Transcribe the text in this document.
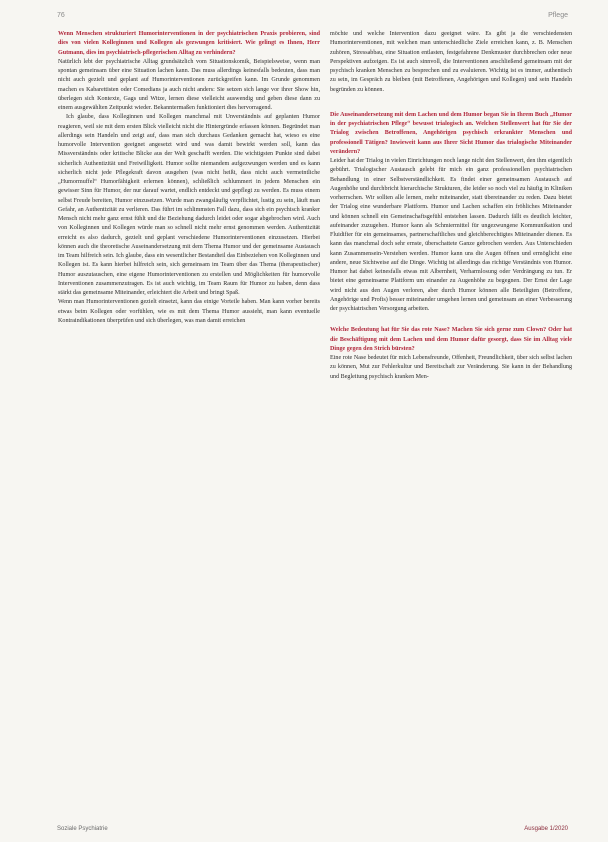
76	Pflege

Wenn Menschen strukturiert Humorinterventionen in der psychiatrischen Praxis probieren, sind dies von vielen Kolleginnen und Kollegen als gezwungen kritisiert. Wie gelingt es Ihnen, Herr Gutmann, dies im psychiatrisch-pflegerischen Alltag zu verhindern?

Natürlich lebt der psychiatrische Alltag grundsätzlich vom Situationskomik, Beispielsweise, wenn man spontan gemeinsam über eine Situation lachen kann. Das muss allerdings keinesfalls bedeuten, dass man nicht auch gezielt und geplant auf Humorinterventionen zurückgreifen kann. Im Grunde genommen machen es Kabarettisten oder Comedians ja auch nicht anders: Sie setzen sich lange vor ihrer Show hin, überlegen sich Kontexte, Gags und Witze, lernen diese vielleicht auswendig und geben diese dann zu einem ausgewählten Zeitpunkt wieder. Bekanntermaßen funktioniert dies hervorragend.

Ich glaube, dass Kolleginnen und Kollegen manchmal mit Unverständnis auf geplanten Humor reagieren, weil sie mit dem ersten Blick vielleicht nicht die Hintergründe erfassen können. Begründet man allerdings sein Handeln und zeigt auf, dass man sich durchaus Gedanken gemacht hat, wieso es eine humorvolle Intervention geeignet angesetzt wird und was damit bewirkt werden soll, kann das Missverständnis oder kritische Blicke aus der Welt geschafft werden. Die wichtigsten Punkte sind dabei sicherlich Authentizität und Freiwilligkeit. Humor sollte niemandem aufgezwungen werden und es kann sicherlich nicht jede Pflegekraft davon ausgehen (was nicht heißt, dass nicht auch vermeintliche „Humormuffel“ Humorfähigkeit erlernen können), schließlich schlummert in jedem Menschen ein gewisser Sinn für Humor, der nur darauf wartet, endlich entdeckt und gepflegt zu werden. Es muss einem selbst Freude bereiten, Humor einzusetzen. Wurde man zwangsläufig verpflichtet, lustig zu sein, läuft man Gefahr, an Authentizität zu verlieren. Das führt im schlimmsten Fall dazu, dass sich ein psychisch kranker Mensch nicht mehr ganz ernst fühlt und die Beziehung dadurch leidet oder sogar abgebrochen wird. Auch von Kolleginnen und Kollegen würde man so schnell nicht mehr ernst genommen werden. Authentizität erreicht es also dadurch, gezielt und geplant verschiedene Humorinterventionen einzusetzen. Hierbei können auch die theoretische Auseinandersetzung mit dem Thema Humor und der gemeinsame Austausch im Team hilfreich sein. Ich glaube, dass ein wesentlicher Bestandteil das Einbeziehen von Kolleginnen und Kollegen ist. Es kann hierbei hilfreich sein, sich gemeinsam im Team über das Thema (therapeutischer) Humor auszutauschen, eine eigene Humorinterventionen zu erstellen und Möglichkeiten für humorvolle Interventionen zusammenzutragen. Es ist auch wichtig, im Team Raum für Humor zu haben, denn dass stärkt das gemeinsame Miteinander, erleichtert die Arbeit und bringt Spaß.

Wenn man Humorinterventionen gezielt einsetzt, kann das einige Vorteile haben. Man kann vorher bereits etwas beim Kollegen oder vorfühlen, wie es mit dem Thema Humor aussieht, man kann eventuelle Kontraindikationen überprüfen und sich überlegen, was man damit erreichen

möchte und welche Intervention dazu geeignet wäre. Es gibt ja die verschiedensten Humorinterventionen, mit welchen man unterschiedliche Ziele erreichen kann, z. B. Menschen zuhören, Stressabbau, eine Situation entlasten, festgefahrene Denkmuster durchbrechen oder neue Perspektiven aufzeigen. Es ist auch sinnvoll, die Interventionen anschließend gemeinsam mit der psychisch kranken Menschen zu besprechen und zu evaluieren. Wichtig ist es immer, authentisch zu sein, im Gespräch zu bleiben (mit Betroffenen, Angehörigen und Kollegen) und sein Handeln begründen zu können.

Die Auseinandersetzung mit dem Lachen und dem Humor began Sie in Ihrem Buch „Humor in der psychiatrischen Pflege“ bewusst trialogisch an. Welchen Stellenwert hat für Sie der Trialog zwischen Betroffenen, Angehörigen psychisch erkrankter Menschen und professionell Tätigen? Inwieweit kann aus Ihrer Sicht Humor das trialogische Miteinander verändern?

Leider hat der Trialog in vielen Einrichtungen noch lange nicht den Stellenwert, den ihm eigentlich gebührt. Trialogischer Austausch gelebt für mich ein ganz professionellen psychiatrischen Behandlung in einer Selbstverständlichkeit. Es findet einer gemeinsamen Austausch auf Augenhöhe und durchbricht hierarchische Strukturen, die leider so noch viel zu häufig in Kliniken vorherrschen. Wir sollten alle lernen, mehr miteinander, statt übereinander zu reden. Dazu bietet der Trialog eine wunderbare Plattform. Humor und Lachen schaffen ein fröhliches Miteinander und können schnell ein Gemeinschaftsgefühl entstehen lassen. Dadurch fällt es deutlich leichter, aufeinander zuzugehen. Humor kann als Schmiermittel für ungezwungene Kommunikation und Fluidifier für ein gemeinsames, partnerschaftliches und gleichberechtigtes Miteinander dienen. Es kann das manchmal doch sehr ernste, überschattete Ganze gebrochen werden. Aus Unterschieden kann Zusammensein-Verstehen werden. Humor kann uns die Augen öffnen und ermöglicht eine andere, neue Sichtweise auf die Dinge. Wichtig ist allerdings das richtige Verständnis von Humor. Humor hat dabei keinesfalls etwas mit Albernheit, Verharmlosung oder Verdrängung zu tun. Er bietet eine gemeinsame Plattform um einander zu Augenhöhe zu begegnen. Der Ernst der Lage wird nicht aus den Augen verloren, aber durch Humor können alle Beteiligten (Betroffene, Angehörige und Profis) besser miteinander umgehen lernen und gemeinsam an einer Verbesserung der psychiatrischen Versorgung arbeiten.

Welche Bedeutung hat für Sie das rote Nase? Machen Sie sich gerne zum Clown? Oder hat die Beschäftigung mit dem Lachen und dem Humor dafür gesorgt, dass Sie im Alltag viele Dinge gegen den Strich bürsten?

Eine rote Nase bedeutet für mich Lebensfreunde, Offenheit, Freundlichkeit, über sich selbst lachen zu können, Mut zur Fehlerkultur und Bereitschaft zur Veränderung. Sie kann in der Behandlung und Begleitung psychisch kranken Men-

Soziale Psychiatrie	Ausgabe 1/2020
